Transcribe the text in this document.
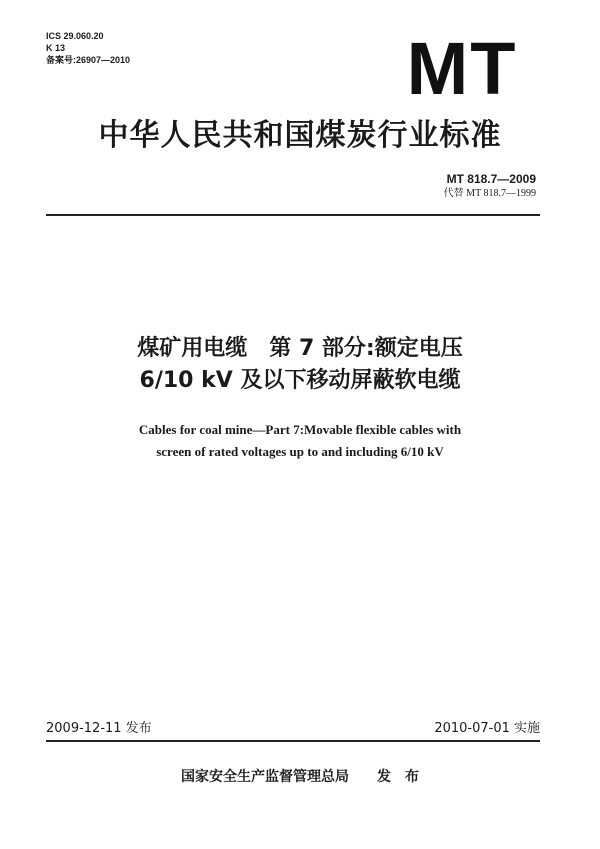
ICS 29.060.20
K 13
备案号:26907—2010	MT
中华人民共和国煤炭行业标准
MT 818.7—2009
代替 MT 818.7—1999
煤矿用电缆　第 7 部分:额定电压
6/10 kV 及以下移动屏蔽软电缆
Cables for coal mine—Part 7:Movable flexible cables with
screen of rated voltages up to and including 6/10 kV
2009-12-11 发布	2010-07-01 实施
国家安全生产监督管理总局 发　布
